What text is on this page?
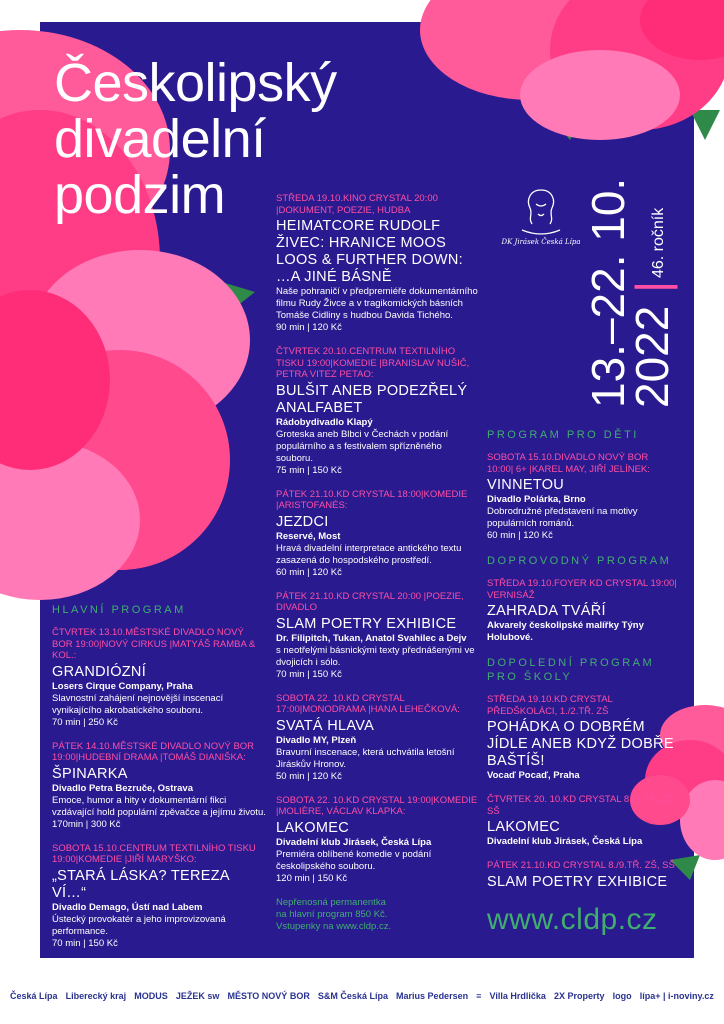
Českolipský
divadelní
podzim
DK Jirásek Česká Lípa 13.–22. 10.
2022 |
46. ročník
HLAVNÍ PROGRAM
ČTVRTEK 13.10.MĚSTSKÉ DIVADLO NOVÝ BOR 19:00|NOVÝ CIRKUS |MATYÁŠ RAMBA & KOL.:
GRANDIÓZNÍ
Losers Cirque Company, Praha
Slavnostní zahájení nejnovější inscenací vynikajícího akrobatického souboru.
70 min | 250 Kč
PÁTEK 14.10.MĚSTSKÉ DIVADLO NOVÝ BOR 19:00|HUDEBNÍ DRAMA |TOMÁŠ DIANIŠKA:
ŠPINARKA
Divadlo Petra Bezruče, Ostrava
Emoce, humor a hity v dokumentární fikci vzdávající hold populární zpěvačce a jejímu životu.
170min | 300 Kč
SOBOTA 15.10.CENTRUM TEXTILNÍHO TISKU 19:00|KOMEDIE |JIŘÍ MARYŠKO:
„STARÁ LÁSKA? TEREZA VÍ…“
Divadlo Demago, Ústí nad Labem
Ústecký provokatér a jeho improvizovaná performance.
70 min | 150 Kč
STŘEDA 19.10.KINO CRYSTAL 20:00 |DOKUMENT, POEZIE, HUDBA
HEIMATCORE RUDOLF ŽIVEC: HRANICE MOOS LOOS & FURTHER DOWN: …A JINÉ BÁSNĚ
Naše pohraničí v předpremiéře dokumentárního filmu Rudy Živce a v tragikomických básních Tomáše Cidliny s hudbou Davida Tichého.
90 min | 120 Kč
ČTVRTEK 20.10.CENTRUM TEXTILNÍHO TISKU 19:00|KOMEDIE |BRANISLAV NUŠIČ, PETRA VITEZ PETAO:
BULŠIT ANEB PODEZŘELÝ ANALFABET
Rádobydivadlo Klapý
Groteska aneb Blbci v Čechách v podání populárního a s festivalem spřízněného souboru.
75 min | 150 Kč
PÁTEK 21.10.KD CRYSTAL 18:00|KOMEDIE |ARISTOFANÉS:
JEZDCI
Reservé, Most
Hravá divadelní interpretace antického textu zasazená do hospodského prostředí.
60 min | 120 Kč
PÁTEK 21.10.KD CRYSTAL 20:00 |POEZIE, DIVADLO
SLAM POETRY EXHIBICE
Dr. Filipitch, Tukan, Anatol Svahilec a Dejv
s neotřelými básnickými texty přednášenými ve dvojicích i sólo.
70 min | 150 Kč
SOBOTA 22. 10.KD CRYSTAL 17:00|MONODRAMA |HANA LEHEČKOVÁ:
SVATÁ HLAVA
Divadlo MY, Plzeň
Bravurní inscenace, která uchvátila letošní Jiráskův Hronov.
50 min | 120 Kč
SOBOTA 22. 10.KD CRYSTAL 19:00|KOMEDIE |MOLIÈRE, VÁCLAV KLAPKA:
LAKOMEC
Divadelní klub Jirásek, Česká Lípa
Premiéra oblíbené komedie v podání českolipského souboru.
120 min | 150 Kč
Nepřenosná permanentka
na hlavní program 850 Kč.
Vstupenky na www.cldp.cz.
PROGRAM PRO DĚTI
SOBOTA 15.10.DIVADLO NOVÝ BOR 10:00| 6+ |KAREL MAY, JIŘÍ JELÍNEK:
VINNETOU
Divadlo Polárka, Brno
Dobrodružné představení na motivy populárních románů.
60 min | 120 Kč
DOPROVODNÝ PROGRAM
STŘEDA 19.10.FOYER KD CRYSTAL 19:00| VERNISÁŽ
ZAHRADA TVÁŘÍ
Akvarely českolipské malířky Týny Holubové.
DOPOLEDNÍ PROGRAM PRO ŠKOLY
STŘEDA 19.10.KD CRYSTAL PŘEDŠKOLÁCI, 1./2.TŘ. ZŠ
POHÁDKA O DOBRÉM JÍDLE ANEB KDYŽ DOBŘE BAŠTÍŠ!
Vocaď Pocaď, Praha
ČTVRTEK 20. 10.KD CRYSTAL 8./9.TŘ. ZŠ, SŠ
LAKOMEC
Divadelní klub Jirásek, Česká Lípa
PÁTEK 21.10.KD CRYSTAL 8./9.TŘ. ZŠ, SŠ
SLAM POETRY EXHIBICE
www.cldp.cz
Česká Lípa Liberecký kraj MODUS JEŽEK sw MĚSTO NOVÝ BOR S&M Česká Lípa Marius Pedersen ≡ Villa Hrdlička 2X Property logo lípa+ | i-noviny.cz
